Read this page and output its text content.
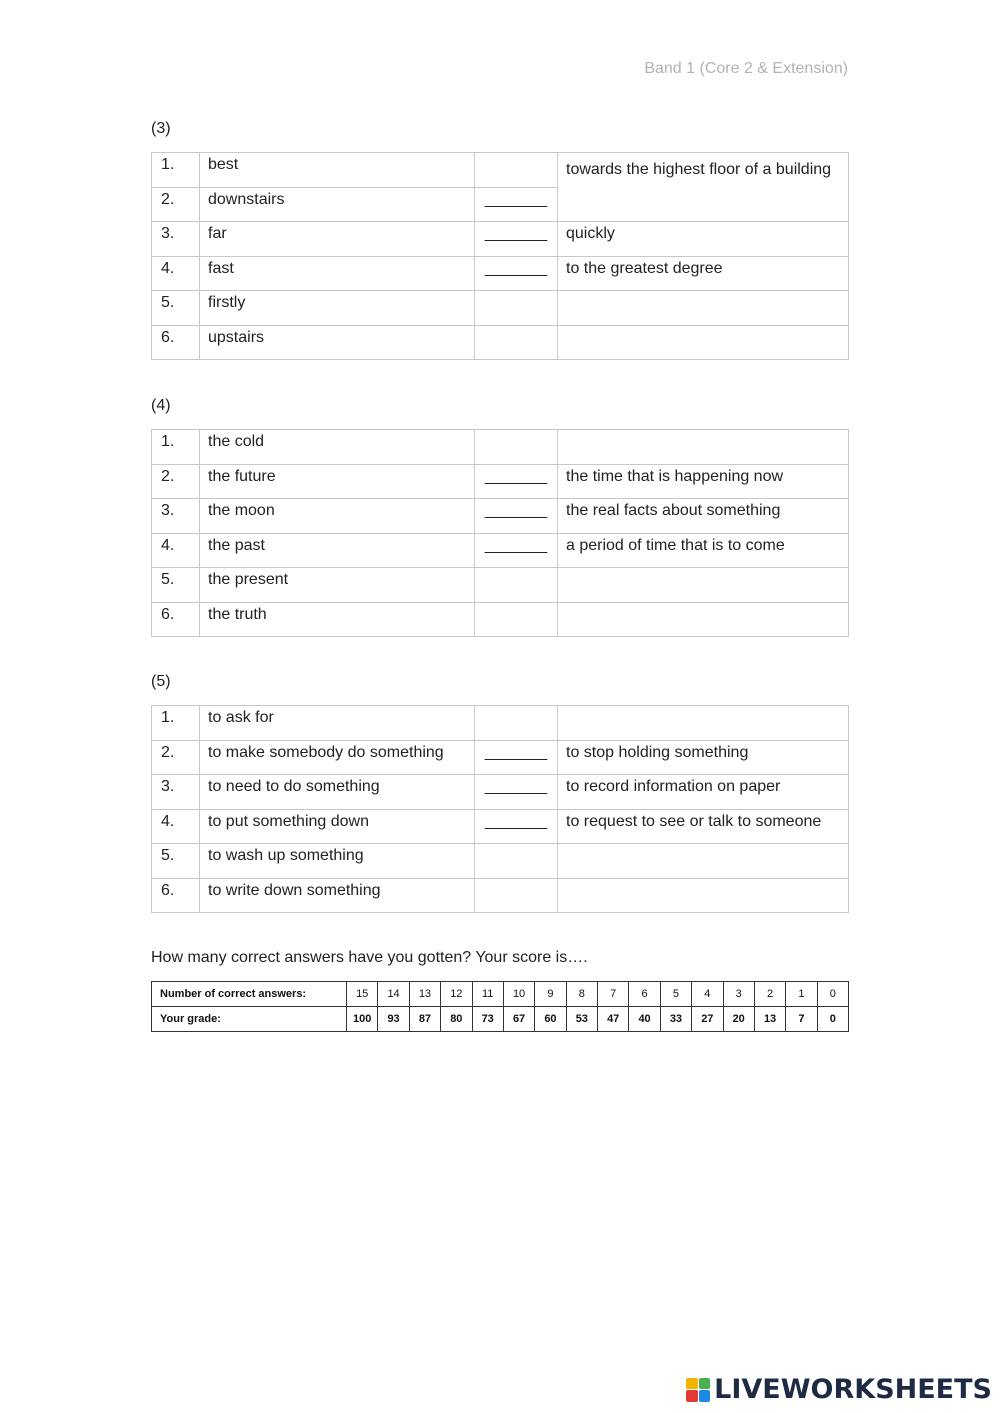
Band 1 (Core 2 & Extension)
(3)
1.	best		towards the highest floor of a building
2.	downstairs	_______	
3.	far	_______	quickly
4.	fast	_______	to the greatest degree
5.	firstly		
6.	upstairs		
(4)
1.	the cold		
2.	the future	_______	the time that is happening now
3.	the moon	_______	the real facts about something
4.	the past	_______	a period of time that is to come
5.	the present		
6.	the truth		
(5)
1.	to ask for		
2.	to make somebody do something	_______	to stop holding something
3.	to need to do something	_______	to record information on paper
4.	to put something down	_______	to request to see or talk to someone
5.	to wash up something		
6.	to write down something		
How many correct answers have you gotten? Your score is….
Number of correct answers:	15	14	13	12	11	10	9	8	7	6	5	4	3	2	1	0
Your grade:	100	93	87	80	73	67	60	53	47	40	33	27	20	13	7	0
LIVEWORKSHEETS
